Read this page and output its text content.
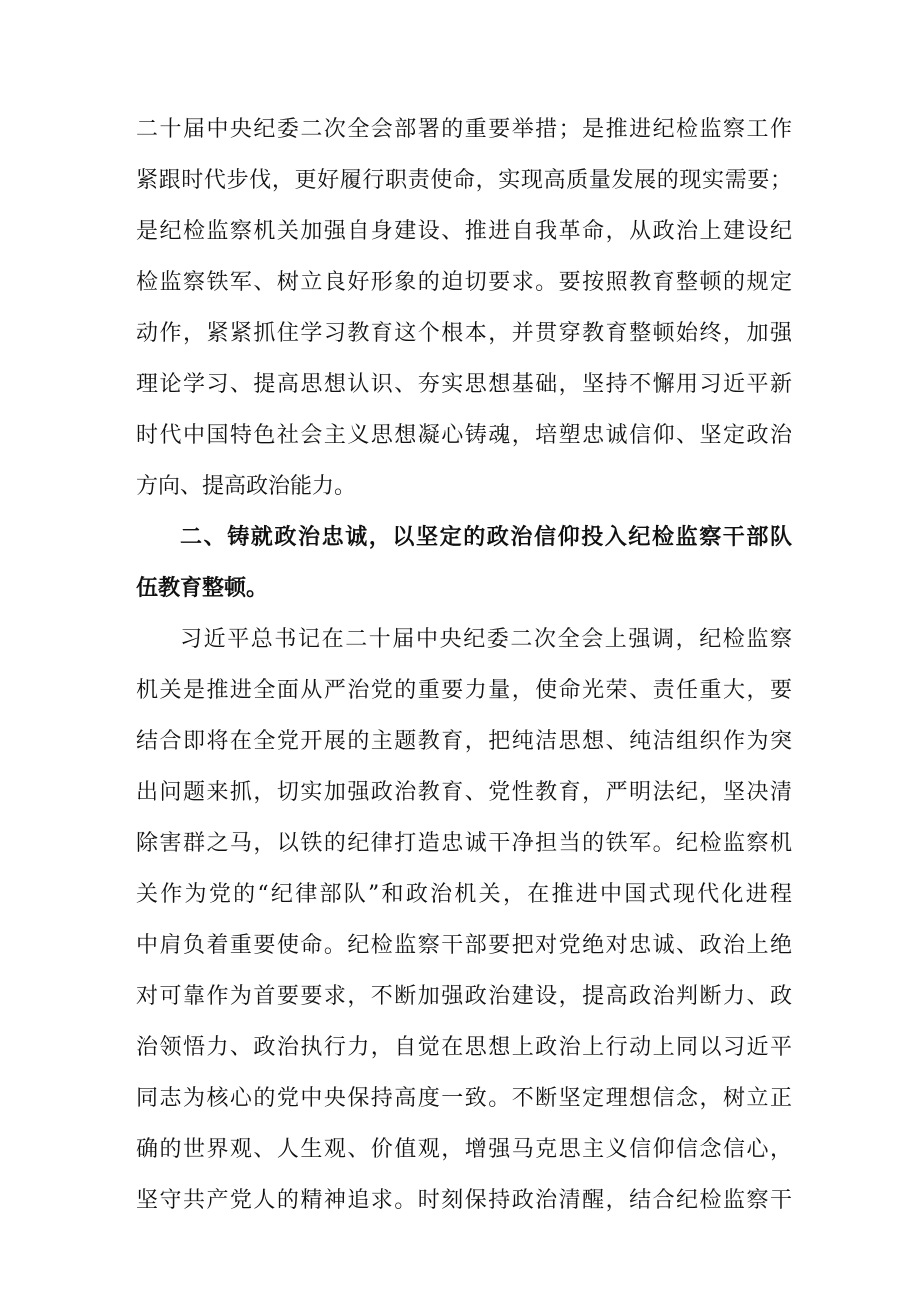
二十届中央纪委二次全会部署的重要举措；是推进纪检监察工作
紧跟时代步伐，更好履行职责使命，实现高质量发展的现实需要；
是纪检监察机关加强自身建设、推进自我革命，从政治上建设纪
检监察铁军、树立良好形象的迫切要求。要按照教育整顿的规定
动作，紧紧抓住学习教育这个根本，并贯穿教育整顿始终，加强
理论学习、提高思想认识、夯实思想基础，坚持不懈用习近平新
时代中国特色社会主义思想凝心铸魂，培塑忠诚信仰、坚定政治
方向、提高政治能力。
二、铸就政治忠诚，以坚定的政治信仰投入纪检监察干部队
伍教育整顿。
习近平总书记在二十届中央纪委二次全会上强调，纪检监察
机关是推进全面从严治党的重要力量，使命光荣、责任重大，要
结合即将在全党开展的主题教育，把纯洁思想、纯洁组织作为突
出问题来抓，切实加强政治教育、党性教育，严明法纪，坚决清
除害群之马，以铁的纪律打造忠诚干净担当的铁军。纪检监察机
关作为党的“纪律部队”和政治机关，在推进中国式现代化进程
中肩负着重要使命。纪检监察干部要把对党绝对忠诚、政治上绝
对可靠作为首要要求，不断加强政治建设，提高政治判断力、政
治领悟力、政治执行力，自觉在思想上政治上行动上同以习近平
同志为核心的党中央保持高度一致。不断坚定理想信念，树立正
确的世界观、人生观、价值观，增强马克思主义信仰信念信心，
坚守共产党人的精神追求。时刻保持政治清醒，结合纪检监察干
